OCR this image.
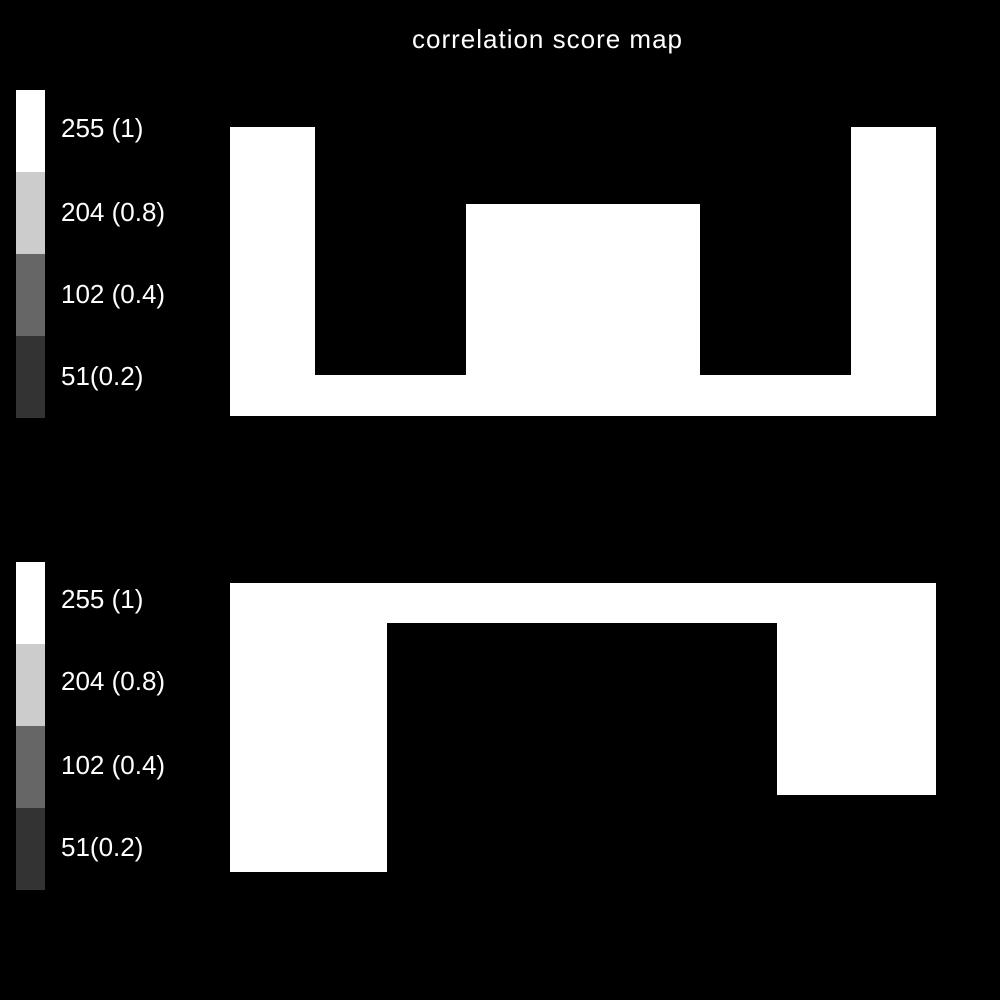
correlation score map
255 (1)
204 (0.8)
102 (0.4)
51(0.2)
255 (1)
204 (0.8)
102 (0.4)
51(0.2)
